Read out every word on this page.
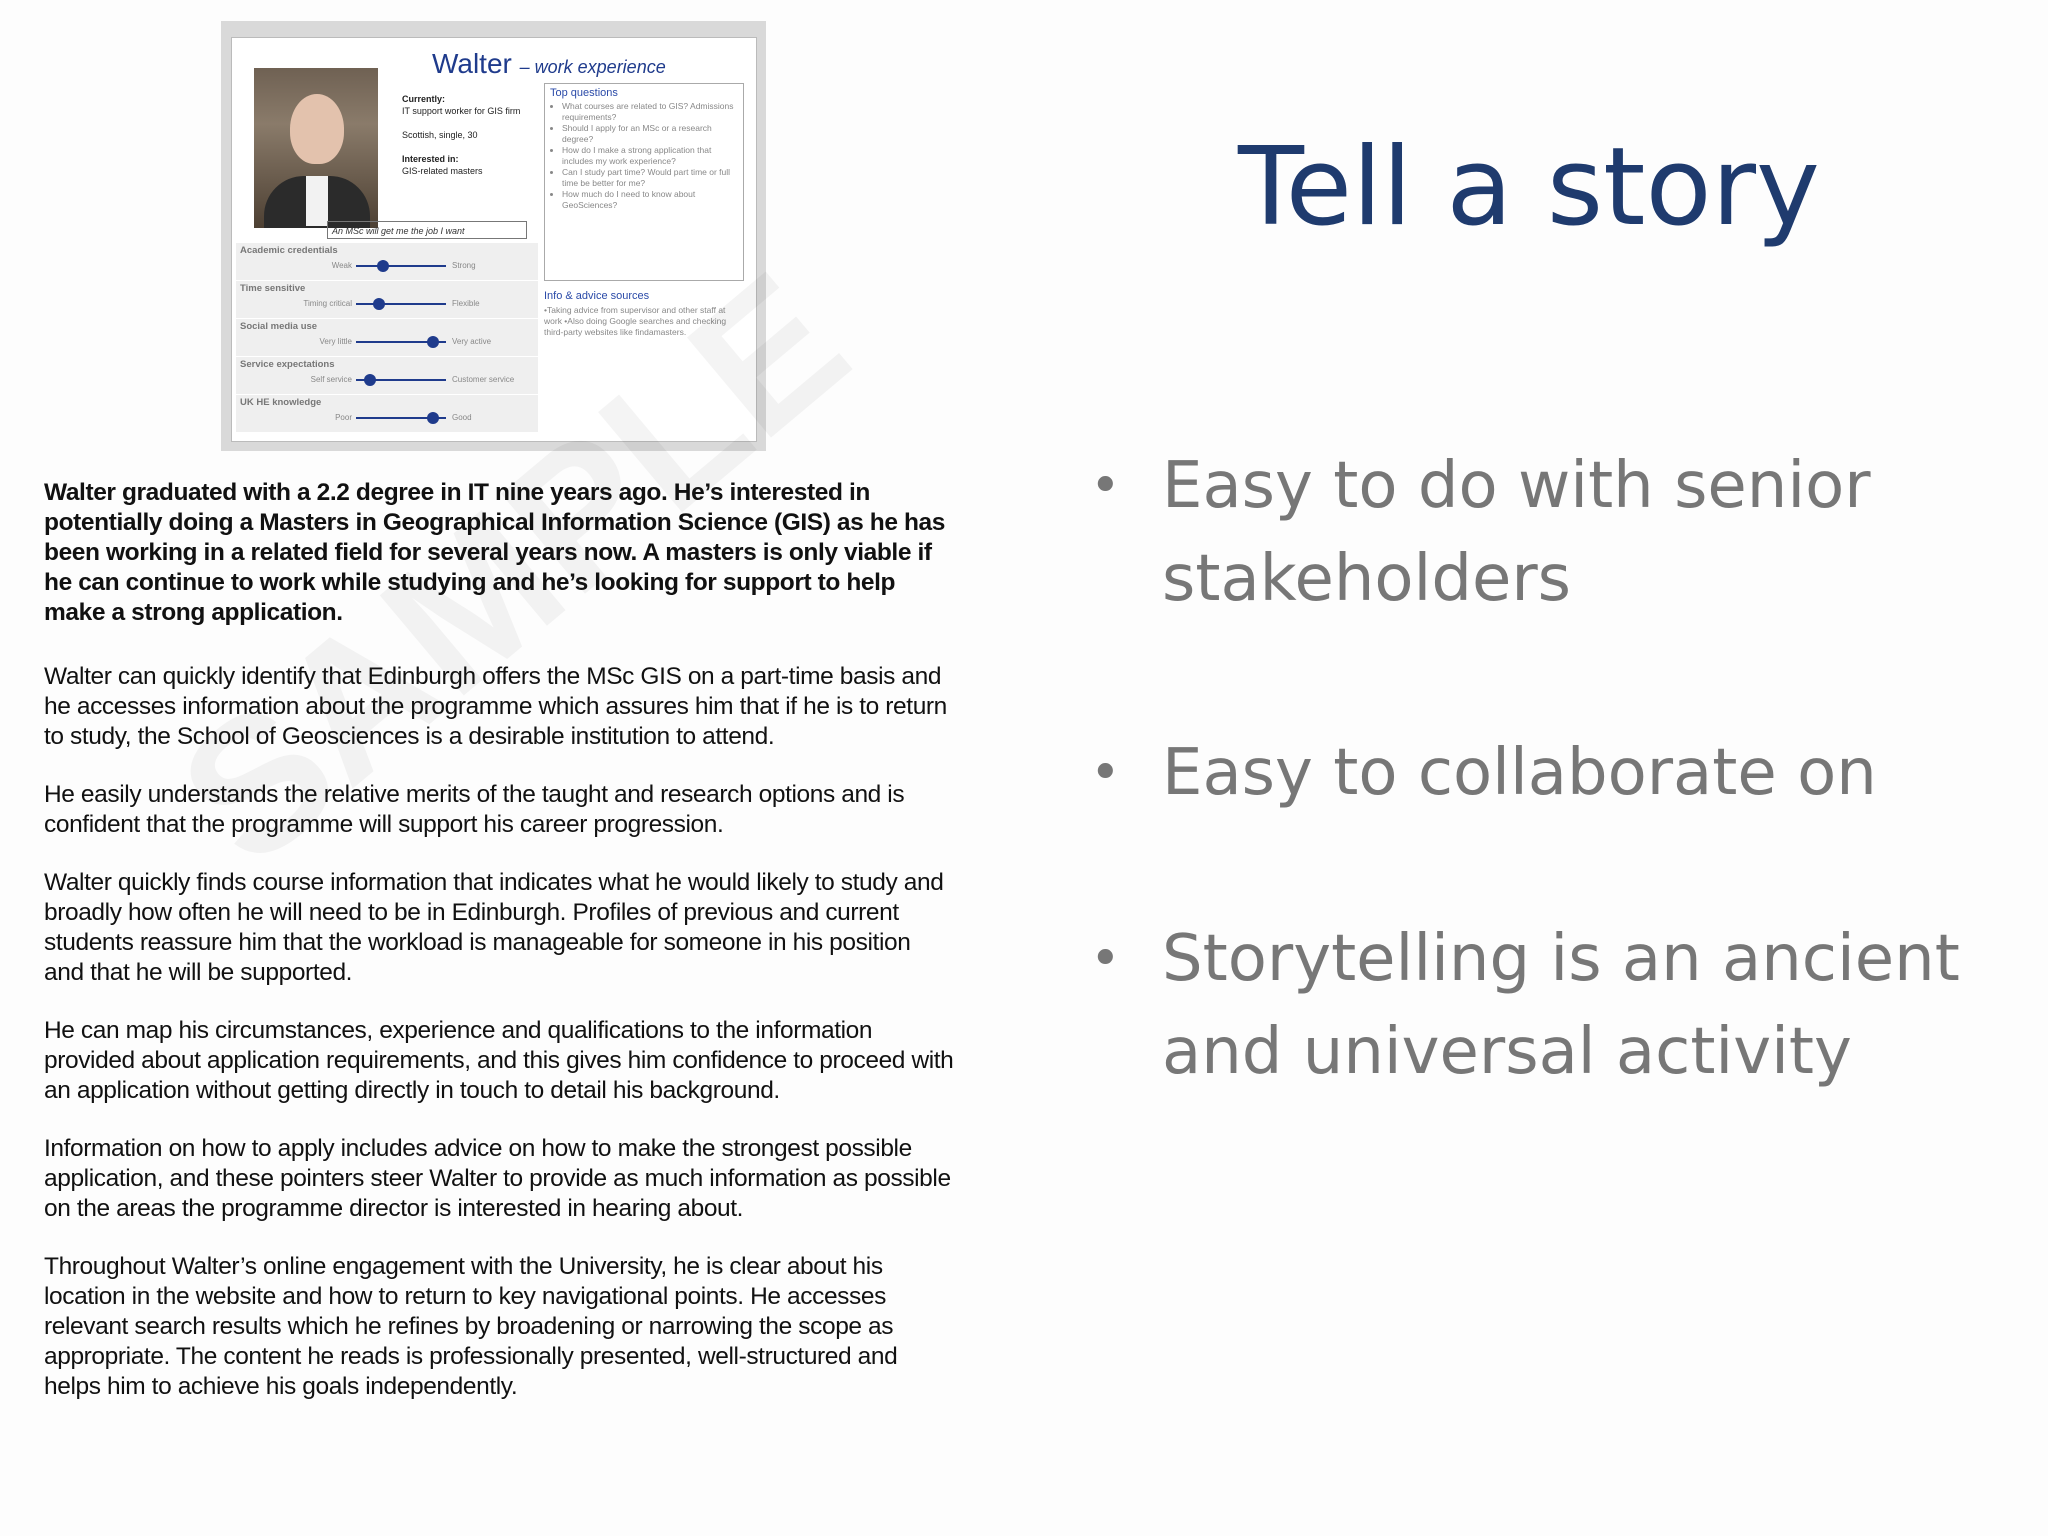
Walter – work experience
Currently:
IT support worker for GIS firm

Scottish, single, 30

Interested in:
GIS-related masters
An MSc will get me the job I want
Academic credentials
Weak	Strong
Time sensitive
Timing critical	Flexible
Social media use
Very little	Very active
Service expectations
Self service	Customer service
UK HE knowledge
Poor	Good
Top questions
• What courses are related to GIS? Admissions requirements?
• Should I apply for an MSc or a research degree?
• How do I make a strong application that includes my work experience?
• Can I study part time? Would part time or full time be better for me?
• How much do I need to know about GeoSciences?
Info & advice sources
•Taking advice from supervisor and other staff at work •Also doing Google searches and checking third-party websites like findamasters.

Walter graduated with a 2.2 degree in IT nine years ago. He’s interested in potentially doing a Masters in Geographical Information Science (GIS) as he has been working in a related field for several years now. A masters is only viable if he can continue to work while studying and he’s looking for support to help make a strong application.

Walter can quickly identify that Edinburgh offers the MSc GIS on a part-time basis and he accesses information about the programme which assures him that if he is to return to study, the School of Geosciences is a desirable institution to attend.

He easily understands the relative merits of the taught and research options and is confident that the programme will support his career progression.

Walter quickly finds course information that indicates what he would likely to study and broadly how often he will need to be in Edinburgh. Profiles of previous and current students reassure him that the workload is manageable for someone in his position and that he will be supported.

He can map his circumstances, experience and qualifications to the information provided about application requirements, and this gives him confidence to proceed with an application without getting directly in touch to detail his background.

Information on how to apply includes advice on how to make the strongest possible application, and these pointers steer Walter to provide as much information as possible on the areas the programme director is interested in hearing about.

Throughout Walter’s online engagement with the University, he is clear about his location in the website and how to return to key navigational points. He accesses relevant search results which he refines by broadening or narrowing the scope as appropriate. The content he reads is professionally presented, well-structured and helps him to achieve his goals independently.

Tell a story
• Easy to do with senior stakeholders
• Easy to collaborate on
• Storytelling is an ancient and universal activity
